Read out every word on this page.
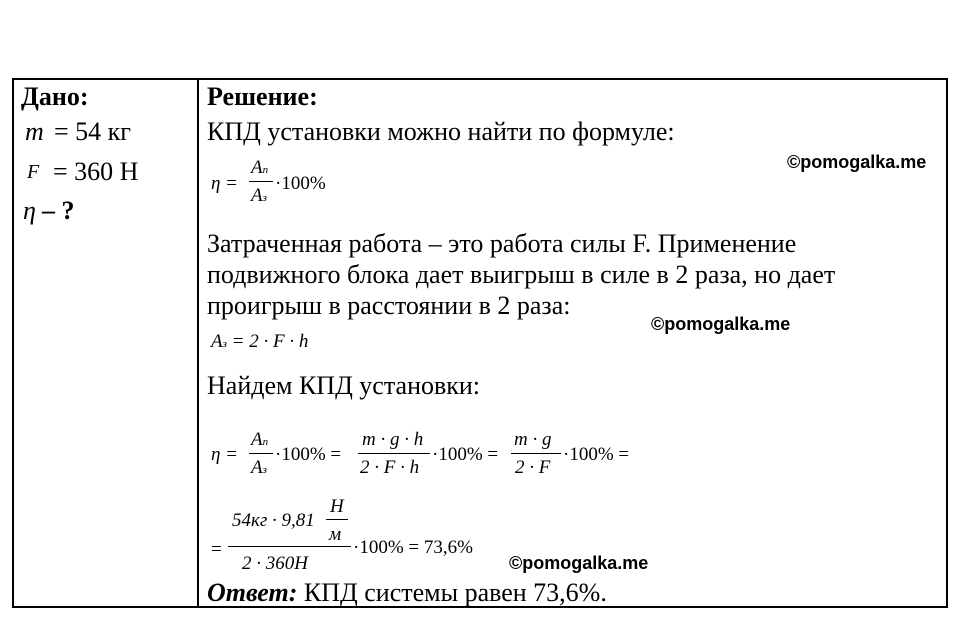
Дано:
m = 54 кг
F = 360 Н
η – ?
Решение:
КПД установки можно найти по формуле:
η =
Aп
Aз
·100%
Затраченная работа – это работа силы F. Применение
подвижного блока дает выигрыш в силе в 2 раза, но дает
проигрыш в расстоянии в 2 раза:
Aз = 2 · F · h
Найдем КПД установки:
η =
Aп
Aз
·100% =
m · g · h
2 · F · h
·100% =
m · g
2 · F
·100% =
=
54кг · 9,81
Н
м
2 · 360Н
·100% = 73,6%
Ответ: КПД системы равен 73,6%.
©pomogalka.me
©pomogalka.me
©pomogalka.me
